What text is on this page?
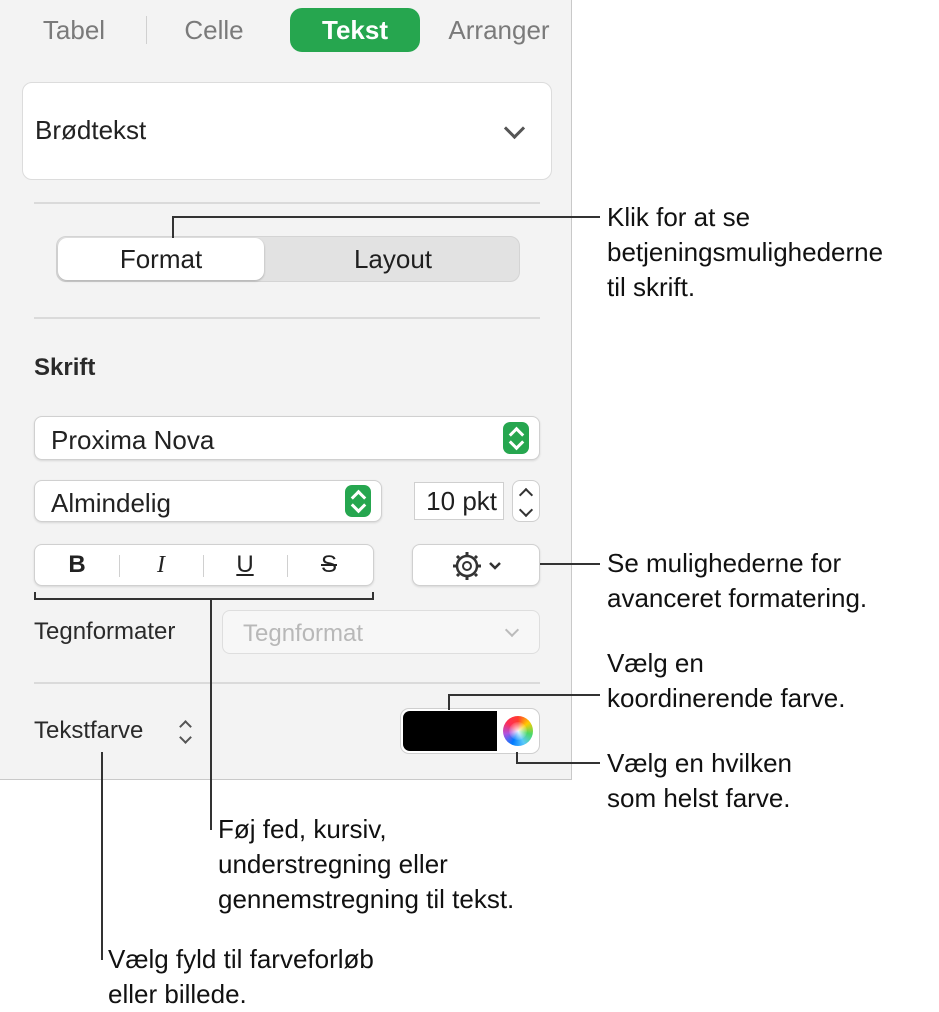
Tabel	Celle	Tekst	Arranger
Brødtekst
Format	Layout
Skrift
Proxima Nova
Almindelig	10 pkt
B	I	U	S
Tegnformater	Tegnformat
Tekstfarve
Klik for at se
betjeningsmulighederne
til skrift.
Se mulighederne for
avanceret formatering.
Vælg en
koordinerende farve.
Vælg en hvilken
som helst farve.
Føj fed, kursiv,
understregning eller
gennemstregning til tekst.
Vælg fyld til farveforløb
eller billede.
